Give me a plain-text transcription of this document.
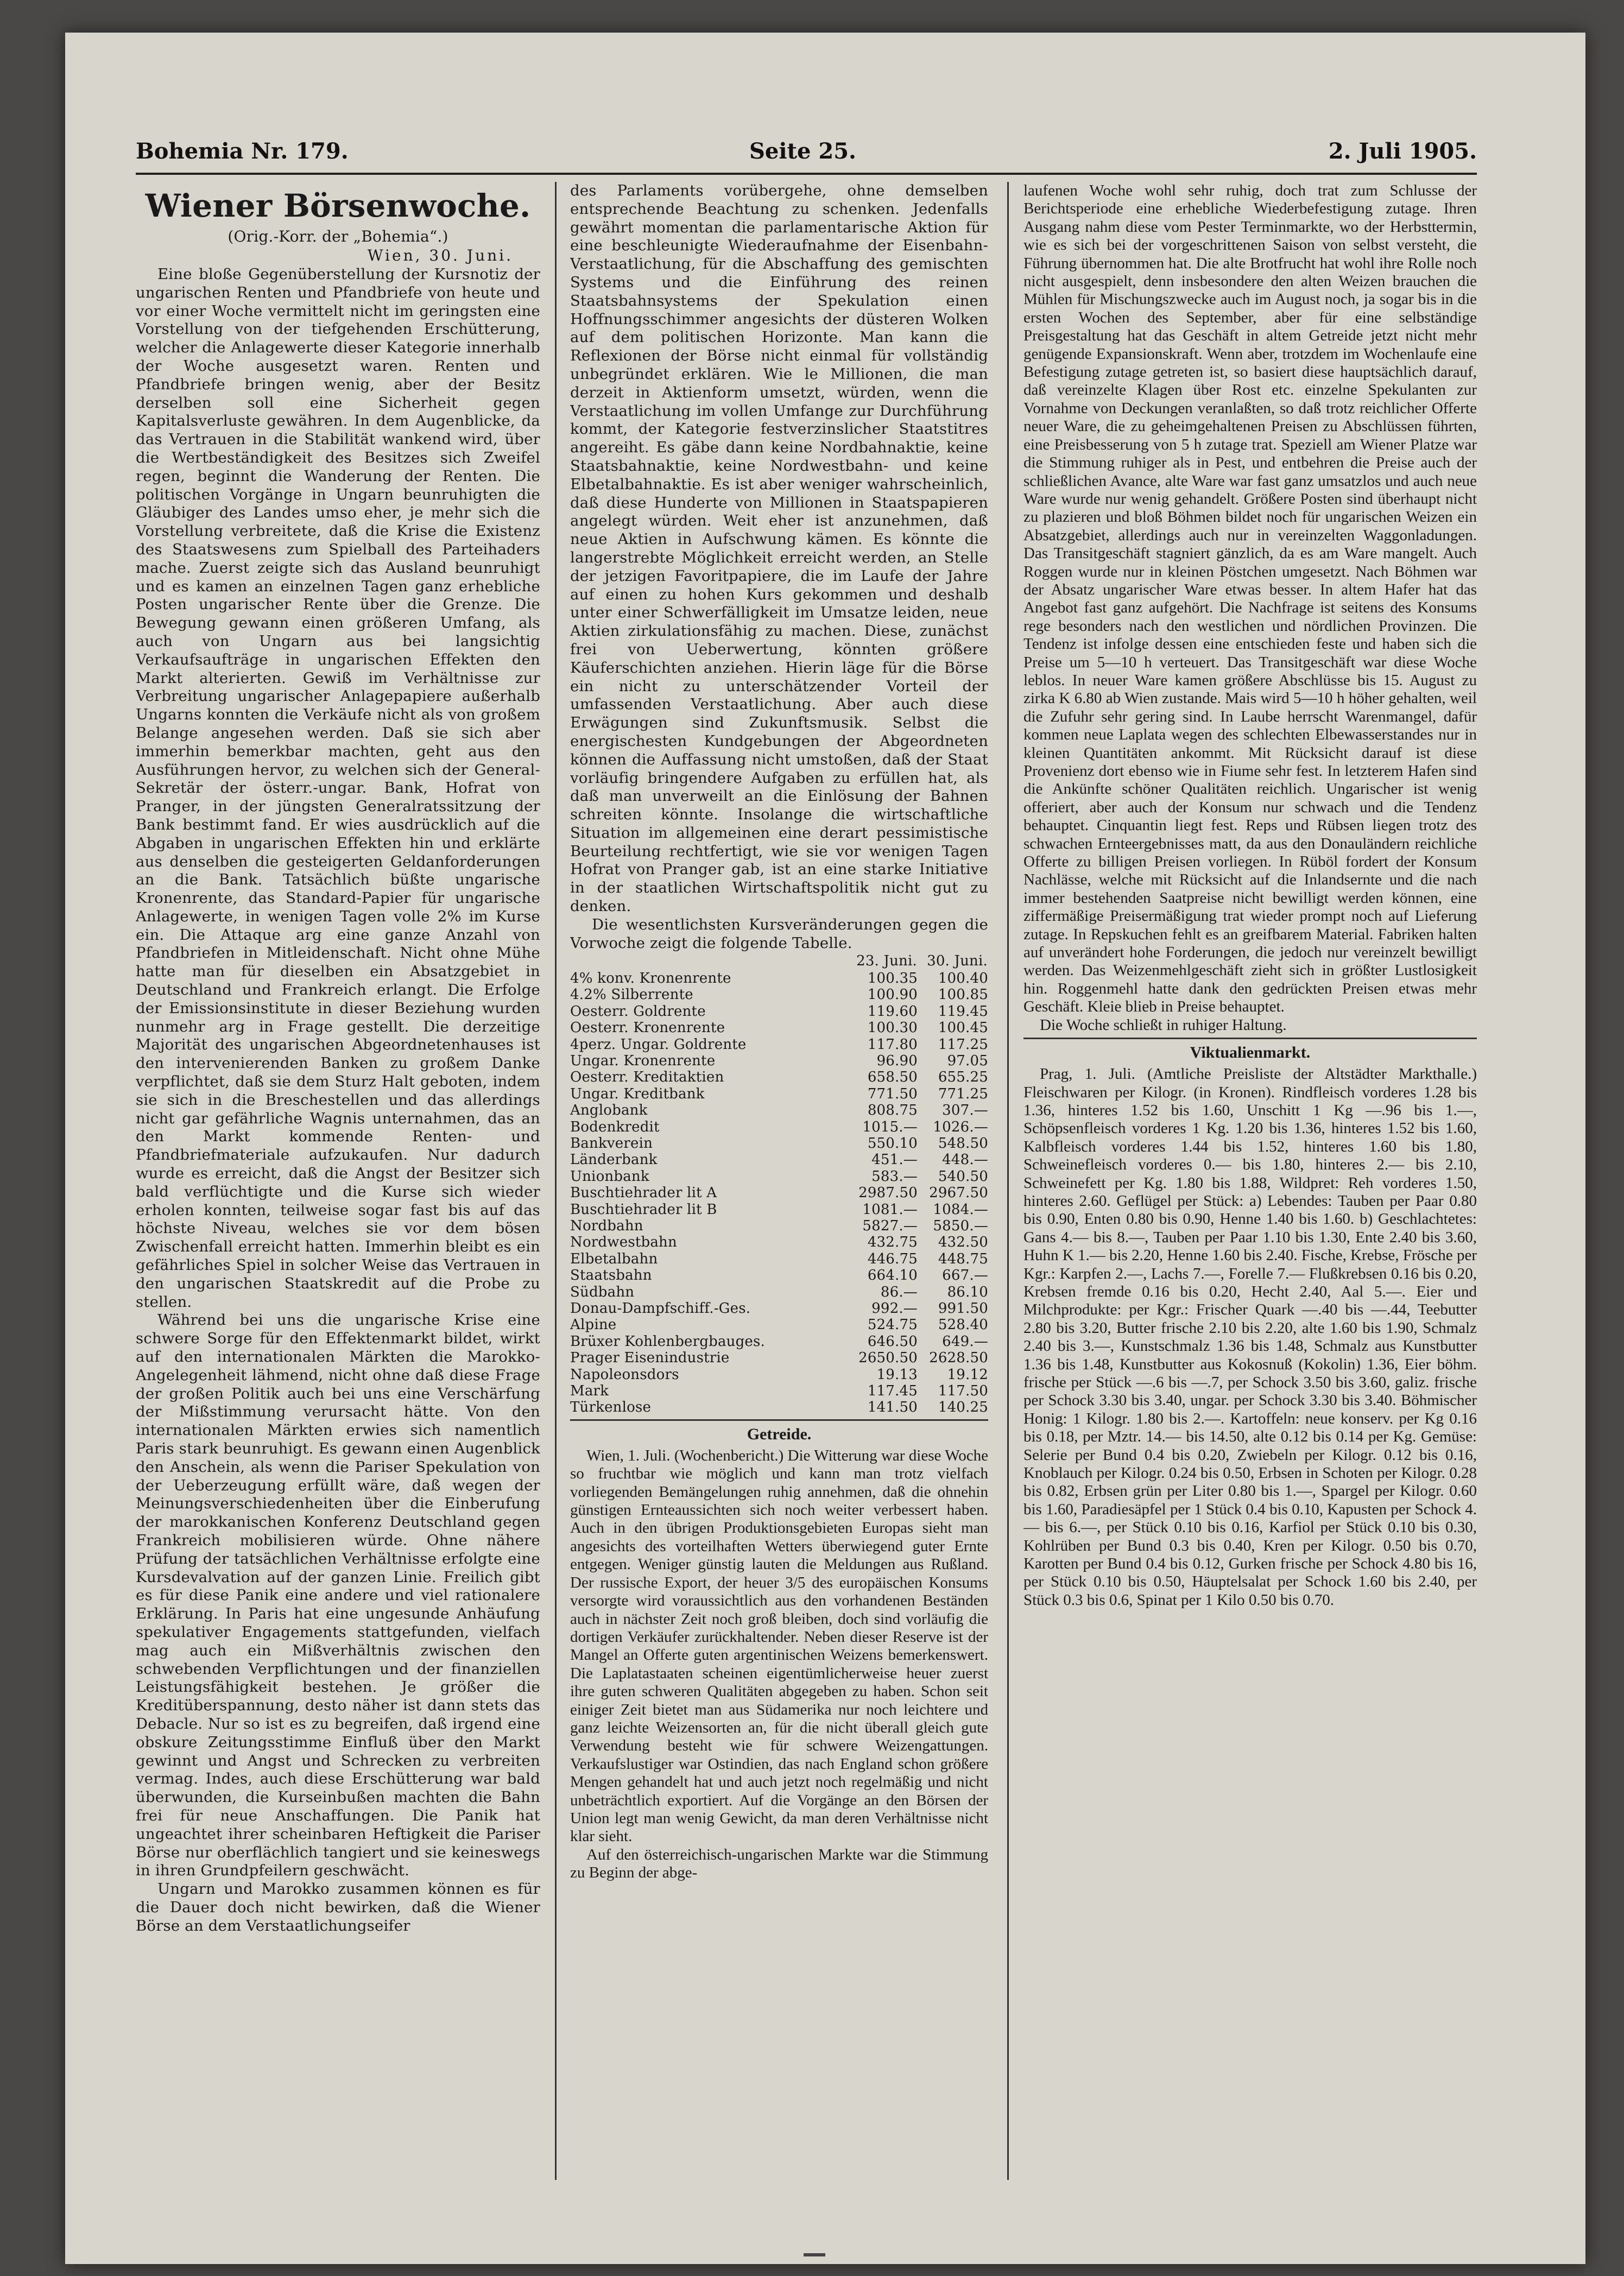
Bohemia Nr. 179.	Seite 25.	2. Juli 1905.
Wiener Börsenwoche.
(Orig.-Korr. der „Bohemia“.)
Wien, 30. Juni.

Eine bloße Gegenüberstellung der Kursnotiz der ungarischen Renten und Pfandbriefe von heute und vor einer Woche vermittelt nicht im geringsten eine Vorstellung von der tiefgehenden Erschütterung, welcher die Anlagewerte dieser Kategorie innerhalb der Woche ausgesetzt waren. Renten und Pfandbriefe bringen wenig, aber der Besitz derselben soll eine Sicherheit gegen Kapitalsverluste gewähren. In dem Augenblicke, da das Vertrauen in die Stabilität wankend wird, über die Wertbeständigkeit des Besitzes sich Zweifel regen, beginnt die Wanderung der Renten. Die politischen Vorgänge in Ungarn beunruhigten die Gläubiger des Landes umso eher, je mehr sich die Vorstellung verbreitete, daß die Krise die Existenz des Staatswesens zum Spielball des Parteihaders mache. Zuerst zeigte sich das Ausland beunruhigt und es kamen an einzelnen Tagen ganz erhebliche Posten ungarischer Rente über die Grenze. Die Bewegung gewann einen größeren Umfang, als auch von Ungarn aus bei langsichtig Verkaufsaufträge in ungarischen Effekten den Markt alterierten. Gewiß im Verhältnisse zur Verbreitung ungarischer Anlagepapiere außerhalb Ungarns konnten die Verkäufe nicht als von großem Belange angesehen werden. Daß sie sich aber immerhin bemerkbar machten, geht aus den Ausführungen hervor, zu welchen sich der General-Sekretär der österr.-ungar. Bank, Hofrat von Pranger, in der jüngsten Generalratssitzung der Bank bestimmt fand. Er wies ausdrücklich auf die Abgaben in ungarischen Effekten hin und erklärte aus denselben die gesteigerten Geldanforderungen an die Bank. Tatsächlich büßte ungarische Kronenrente, das Standard-Papier für ungarische Anlagewerte, in wenigen Tagen volle 2% im Kurse ein. Die Attaque arg eine ganze Anzahl von Pfandbriefen in Mitleidenschaft. Nicht ohne Mühe hatte man für dieselben ein Absatzgebiet in Deutschland und Frankreich erlangt. Die Erfolge der Emissionsinstitute in dieser Beziehung wurden nunmehr arg in Frage gestellt. Die derzeitige Majorität des ungarischen Abgeordnetenhauses ist den intervenierenden Banken zu großem Danke verpflichtet, daß sie dem Sturz Halt geboten, indem sie sich in die Breschestellen und das allerdings nicht gar gefährliche Wagnis unternahmen, das an den Markt kommende Renten- und Pfandbriefmateriale aufzukaufen. Nur dadurch wurde es erreicht, daß die Angst der Besitzer sich bald verflüchtigte und die Kurse sich wieder erholen konnten, teilweise sogar fast bis auf das höchste Niveau, welches sie vor dem bösen Zwischenfall erreicht hatten. Immerhin bleibt es ein gefährliches Spiel in solcher Weise das Vertrauen in den ungarischen Staatskredit auf die Probe zu stellen.

Während bei uns die ungarische Krise eine schwere Sorge für den Effektenmarkt bildet, wirkt auf den internationalen Märkten die Marokko-Angelegenheit lähmend, nicht ohne daß diese Frage der großen Politik auch bei uns eine Verschärfung der Mißstimmung verursacht hätte. Von den internationalen Märkten erwies sich namentlich Paris stark beunruhigt. Es gewann einen Augenblick den Anschein, als wenn die Pariser Spekulation von der Ueberzeugung erfüllt wäre, daß wegen der Meinungsverschiedenheiten über die Einberufung der marokkanischen Konferenz Deutschland gegen Frankreich mobilisieren würde. Ohne nähere Prüfung der tatsächlichen Verhältnisse erfolgte eine Kursdevalvation auf der ganzen Linie. Freilich gibt es für diese Panik eine andere und viel rationalere Erklärung. In Paris hat eine ungesunde Anhäufung spekulativer Engagements stattgefunden, vielfach mag auch ein Mißverhältnis zwischen den schwebenden Verpflichtungen und der finanziellen Leistungsfähigkeit bestehen. Je größer die Kreditüberspannung, desto näher ist dann stets das Debacle. Nur so ist es zu begreifen, daß irgend eine obskure Zeitungsstimme Einfluß über den Markt gewinnt und Angst und Schrecken zu verbreiten vermag. Indes, auch diese Erschütterung war bald überwunden, die Kurseinbußen machten die Bahn frei für neue Anschaffungen. Die Panik hat ungeachtet ihrer scheinbaren Heftigkeit die Pariser Börse nur oberflächlich tangiert und sie keineswegs in ihren Grundpfeilern geschwächt.

Ungarn und Marokko zusammen können es für die Dauer doch nicht bewirken, daß die Wiener Börse an dem Verstaatlichungseifer

des Parlaments vorübergehe, ohne demselben entsprechende Beachtung zu schenken. Jedenfalls gewährt momentan die parlamentarische Aktion für eine beschleunigte Wiederaufnahme der Eisenbahn-Verstaatlichung, für die Abschaffung des gemischten Systems und die Einführung des reinen Staatsbahnsystems der Spekulation einen Hoffnungsschimmer angesichts der düsteren Wolken auf dem politischen Horizonte. Man kann die Reflexionen der Börse nicht einmal für vollständig unbegründet erklären. Wie le Millionen, die man derzeit in Aktienform umsetzt, würden, wenn die Verstaatlichung im vollen Umfange zur Durchführung kommt, der Kategorie festverzinslicher Staatstitres angereiht. Es gäbe dann keine Nordbahnaktie, keine Staatsbahnaktie, keine Nordwestbahn- und keine Elbetalbahnaktie. Es ist aber weniger wahrscheinlich, daß diese Hunderte von Millionen in Staatspapieren angelegt würden. Weit eher ist anzunehmen, daß neue Aktien in Aufschwung kämen. Es könnte die langerstrebte Möglichkeit erreicht werden, an Stelle der jetzigen Favoritpapiere, die im Laufe der Jahre auf einen zu hohen Kurs gekommen und deshalb unter einer Schwerfälligkeit im Umsatze leiden, neue Aktien zirkulationsfähig zu machen. Diese, zunächst frei von Ueberwertung, könnten größere Käuferschichten anziehen. Hierin läge für die Börse ein nicht zu unterschätzender Vorteil der umfassenden Verstaatlichung. Aber auch diese Erwägungen sind Zukunftsmusik. Selbst die energischesten Kundgebungen der Abgeordneten können die Auffassung nicht umstoßen, daß der Staat vorläufig bringendere Aufgaben zu erfüllen hat, als daß man unverweilt an die Einlösung der Bahnen schreiten könnte. Insolange die wirtschaftliche Situation im allgemeinen eine derart pessimistische Beurteilung rechtfertigt, wie sie vor wenigen Tagen Hofrat von Pranger gab, ist an eine starke Initiative in der staatlichen Wirtschaftspolitik nicht gut zu denken.

Die wesentlichsten Kursveränderungen gegen die Vorwoche zeigt die folgende Tabelle.

	23. Juni.	30. Juni.
4% konv. Kronenrente	100.35	100.40
4.2% Silberrente	100.90	100.85
Oesterr. Goldrente	119.60	119.45
Oesterr. Kronenrente	100.30	100.45
4perz. Ungar. Goldrente	117.80	117.25
Ungar. Kronenrente	96.90	97.05
Oesterr. Kreditaktien	658.50	655.25
Ungar. Kreditbank	771.50	771.25
Anglobank	808.75	307.—
Bodenkredit	1015.—	1026.—
Bankverein	550.10	548.50
Länderbank	451.—	448.—
Unionbank	583.—	540.50
Buschtiehrader lit A	2987.50	2967.50
Buschtiehrader lit B	1081.—	1084.—
Nordbahn	5827.—	5850.—
Nordwestbahn	432.75	432.50
Elbetalbahn	446.75	448.75
Staatsbahn	664.10	667.—
Südbahn	86.—	86.10
Donau-Dampfschiff.-Ges.	992.—	991.50
Alpine	524.75	528.40
Brüxer Kohlenbergbauges.	646.50	649.—
Prager Eisenindustrie	2650.50	2628.50
Napoleonsdors	19.13	19.12
Mark	117.45	117.50
Türkenlose	141.50	140.25
Getreide.

Wien, 1. Juli. (Wochenbericht.) Die Witterung war diese Woche so fruchtbar wie möglich und kann man trotz vielfach vorliegenden Bemängelungen ruhig annehmen, daß die ohnehin günstigen Ernteaussichten sich noch weiter verbessert haben. Auch in den übrigen Produktionsgebieten Europas sieht man angesichts des vorteilhaften Wetters überwiegend guter Ernte entgegen. Weniger günstig lauten die Meldungen aus Rußland. Der russische Export, der heuer 3/5 des europäischen Konsums versorgte wird voraussichtlich aus den vorhandenen Beständen auch in nächster Zeit noch groß bleiben, doch sind vorläufig die dortigen Verkäufer zurückhaltender. Neben dieser Reserve ist der Mangel an Offerte guten argentinischen Weizens bemerkenswert. Die Laplatastaaten scheinen eigentümlicherweise heuer zuerst ihre guten schweren Qualitäten abgegeben zu haben. Schon seit einiger Zeit bietet man aus Südamerika nur noch leichtere und ganz leichte Weizensorten an, für die nicht überall gleich gute Verwendung besteht wie für schwere Weizengattungen. Verkaufslustiger war Ostindien, das nach England schon größere Mengen gehandelt hat und auch jetzt noch regelmäßig und nicht unbeträchtlich exportiert. Auf die Vorgänge an den Börsen der Union legt man wenig Gewicht, da man deren Verhältnisse nicht klar sieht.

Auf den österreichisch-ungarischen Markte war die Stimmung zu Beginn der abge-

laufenen Woche wohl sehr ruhig, doch trat zum Schlusse der Berichtsperiode eine erhebliche Wiederbefestigung zutage. Ihren Ausgang nahm diese vom Pester Terminmarkte, wo der Herbsttermin, wie es sich bei der vorgeschrittenen Saison von selbst versteht, die Führung übernommen hat. Die alte Brotfrucht hat wohl ihre Rolle noch nicht ausgespielt, denn insbesondere den alten Weizen brauchen die Mühlen für Mischungszwecke auch im August noch, ja sogar bis in die ersten Wochen des September, aber für eine selbständige Preisgestaltung hat das Geschäft in altem Getreide jetzt nicht mehr genügende Expansionskraft. Wenn aber, trotzdem im Wochenlaufe eine Befestigung zutage getreten ist, so basiert diese hauptsächlich darauf, daß vereinzelte Klagen über Rost etc. einzelne Spekulanten zur Vornahme von Deckungen veranlaßten, so daß trotz reichlicher Offerte neuer Ware, die zu geheimgehaltenen Preisen zu Abschlüssen führten, eine Preisbesserung von 5 h zutage trat. Speziell am Wiener Platze war die Stimmung ruhiger als in Pest, und entbehren die Preise auch der schließlichen Avance, alte Ware war fast ganz umsatzlos und auch neue Ware wurde nur wenig gehandelt. Größere Posten sind überhaupt nicht zu plazieren und bloß Böhmen bildet noch für ungarischen Weizen ein Absatzgebiet, allerdings auch nur in vereinzelten Waggonladungen. Das Transitgeschäft stagniert gänzlich, da es am Ware mangelt. Auch Roggen wurde nur in kleinen Pöstchen umgesetzt. Nach Böhmen war der Absatz ungarischer Ware etwas besser. In altem Hafer hat das Angebot fast ganz aufgehört. Die Nachfrage ist seitens des Konsums rege besonders nach den westlichen und nördlichen Provinzen. Die Tendenz ist infolge dessen eine entschieden feste und haben sich die Preise um 5—10 h verteuert. Das Transitgeschäft war diese Woche leblos. In neuer Ware kamen größere Abschlüsse bis 15. August zu zirka K 6.80 ab Wien zustande. Mais wird 5—10 h höher gehalten, weil die Zufuhr sehr gering sind. In Laube herrscht Warenmangel, dafür kommen neue Laplata wegen des schlechten Elbewasserstandes nur in kleinen Quantitäten ankommt. Mit Rücksicht darauf ist diese Provenienz dort ebenso wie in Fiume sehr fest. In letzterem Hafen sind die Ankünfte schöner Qualitäten reichlich. Ungarischer ist wenig offeriert, aber auch der Konsum nur schwach und die Tendenz behauptet. Cinquantin liegt fest. Reps und Rübsen liegen trotz des schwachen Ernteergebnisses matt, da aus den Donauländern reichliche Offerte zu billigen Preisen vorliegen. In Rüböl fordert der Konsum Nachlässe, welche mit Rücksicht auf die Inlandsernte und die nach immer bestehenden Saatpreise nicht bewilligt werden können, eine ziffermäßige Preisermäßigung trat wieder prompt noch auf Lieferung zutage. In Repskuchen fehlt es an greifbarem Material. Fabriken halten auf unverändert hohe Forderungen, die jedoch nur vereinzelt bewilligt werden. Das Weizenmehlgeschäft zieht sich in größter Lustlosigkeit hin. Roggenmehl hatte dank den gedrückten Preisen etwas mehr Geschäft. Kleie blieb in Preise behauptet.

Die Woche schließt in ruhiger Haltung.

Viktualienmarkt.

Prag, 1. Juli. (Amtliche Preisliste der Altstädter Markthalle.) Fleischwaren per Kilogr. (in Kronen). Rindfleisch vorderes 1.28 bis 1.36, hinteres 1.52 bis 1.60, Unschitt 1 Kg —.96 bis 1.—, Schöpsenfleisch vorderes 1 Kg. 1.20 bis 1.36, hinteres 1.52 bis 1.60, Kalbfleisch vorderes 1.44 bis 1.52, hinteres 1.60 bis 1.80, Schweinefleisch vorderes 0.— bis 1.80, hinteres 2.— bis 2.10, Schweinefett per Kg. 1.80 bis 1.88, Wildpret: Reh vorderes 1.50, hinteres 2.60. Geflügel per Stück: a) Lebendes: Tauben per Paar 0.80 bis 0.90, Enten 0.80 bis 0.90, Henne 1.40 bis 1.60. b) Geschlachtetes: Gans 4.— bis 8.—, Tauben per Paar 1.10 bis 1.30, Ente 2.40 bis 3.60, Huhn K 1.— bis 2.20, Henne 1.60 bis 2.40. Fische, Krebse, Frösche per Kgr.: Karpfen 2.—, Lachs 7.—, Forelle 7.— Flußkrebsen 0.16 bis 0.20, Krebsen fremde 0.16 bis 0.20, Hecht 2.40, Aal 5.—. Eier und Milchprodukte: per Kgr.: Frischer Quark —.40 bis —.44, Teebutter 2.80 bis 3.20, Butter frische 2.10 bis 2.20, alte 1.60 bis 1.90, Schmalz 2.40 bis 3.—, Kunstschmalz 1.36 bis 1.48, Schmalz aus Kunstbutter 1.36 bis 1.48, Kunstbutter aus Kokosnuß (Kokolin) 1.36, Eier böhm. frische per Stück —.6 bis —.7, per Schock 3.50 bis 3.60, galiz. frische per Schock 3.30 bis 3.40, ungar. per Schock 3.30 bis 3.40. Böhmischer Honig: 1 Kilogr. 1.80 bis 2.—. Kartoffeln: neue konserv. per Kg 0.16 bis 0.18, per Mztr. 14.— bis 14.50, alte 0.12 bis 0.14 per Kg. Gemüse: Selerie per Bund 0.4 bis 0.20, Zwiebeln per Kilogr. 0.12 bis 0.16, Knoblauch per Kilogr. 0.24 bis 0.50, Erbsen in Schoten per Kilogr. 0.28 bis 0.82, Erbsen grün per Liter 0.80 bis 1.—, Spargel per Kilogr. 0.60 bis 1.60, Paradiesäpfel per 1 Stück 0.4 bis 0.10, Kapusten per Schock 4.— bis 6.—, per Stück 0.10 bis 0.16, Karfiol per Stück 0.10 bis 0.30, Kohlrüben per Bund 0.3 bis 0.40, Kren per Kilogr. 0.50 bis 0.70, Karotten per Bund 0.4 bis 0.12, Gurken frische per Schock 4.80 bis 16, per Stück 0.10 bis 0.50, Häuptelsalat per Schock 1.60 bis 2.40, per Stück 0.3 bis 0.6, Spinat per 1 Kilo 0.50 bis 0.70.
